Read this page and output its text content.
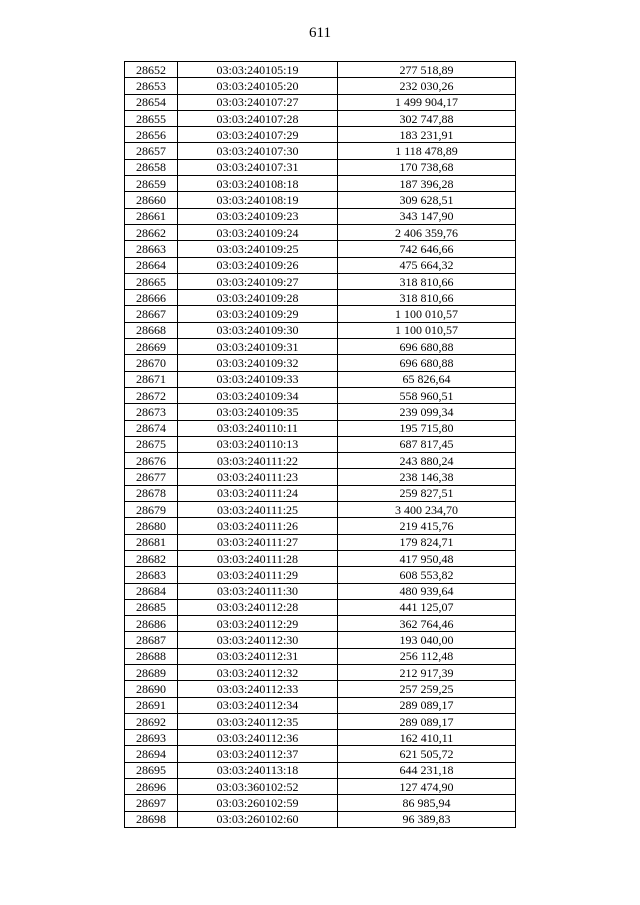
611
28652	03:03:240105:19	277 518,89
28653	03:03:240105:20	232 030,26
28654	03:03:240107:27	1 499 904,17
28655	03:03:240107:28	302 747,88
28656	03:03:240107:29	183 231,91
28657	03:03:240107:30	1 118 478,89
28658	03:03:240107:31	170 738,68
28659	03:03:240108:18	187 396,28
28660	03:03:240108:19	309 628,51
28661	03:03:240109:23	343 147,90
28662	03:03:240109:24	2 406 359,76
28663	03:03:240109:25	742 646,66
28664	03:03:240109:26	475 664,32
28665	03:03:240109:27	318 810,66
28666	03:03:240109:28	318 810,66
28667	03:03:240109:29	1 100 010,57
28668	03:03:240109:30	1 100 010,57
28669	03:03:240109:31	696 680,88
28670	03:03:240109:32	696 680,88
28671	03:03:240109:33	65 826,64
28672	03:03:240109:34	558 960,51
28673	03:03:240109:35	239 099,34
28674	03:03:240110:11	195 715,80
28675	03:03:240110:13	687 817,45
28676	03:03:240111:22	243 880,24
28677	03:03:240111:23	238 146,38
28678	03:03:240111:24	259 827,51
28679	03:03:240111:25	3 400 234,70
28680	03:03:240111:26	219 415,76
28681	03:03:240111:27	179 824,71
28682	03:03:240111:28	417 950,48
28683	03:03:240111:29	608 553,82
28684	03:03:240111:30	480 939,64
28685	03:03:240112:28	441 125,07
28686	03:03:240112:29	362 764,46
28687	03:03:240112:30	193 040,00
28688	03:03:240112:31	256 112,48
28689	03:03:240112:32	212 917,39
28690	03:03:240112:33	257 259,25
28691	03:03:240112:34	289 089,17
28692	03:03:240112:35	289 089,17
28693	03:03:240112:36	162 410,11
28694	03:03:240112:37	621 505,72
28695	03:03:240113:18	644 231,18
28696	03:03:360102:52	127 474,90
28697	03:03:260102:59	86 985,94
28698	03:03:260102:60	96 389,83
